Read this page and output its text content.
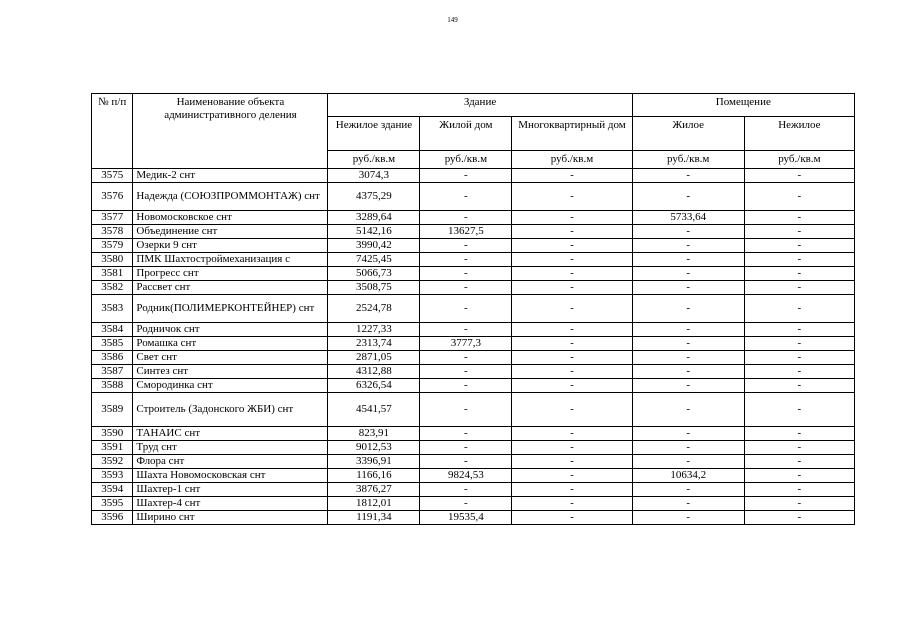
149
№ п/п	Наименование объекта административного деления	Здание			Помещение	
		Нежилое здание	Жилой дом	Многоквартирный дом	Жилое	Нежилое
		руб./кв.м	руб./кв.м	руб./кв.м	руб./кв.м	руб./кв.м
3575	Медик-2 снт	3074,3	-	-	-	-
3576	Надежда (СОЮЗПРОММОНТАЖ) снт	4375,29	-	-	-	-
3577	Новомосковское снт	3289,64	-	-	5733,64	-
3578	Объединение снт	5142,16	13627,5	-	-	-
3579	Озерки 9 снт	3990,42	-	-	-	-
3580	ПМК Шахтостроймеханизация с	7425,45	-	-	-	-
3581	Прогресс снт	5066,73	-	-	-	-
3582	Рассвет снт	3508,75	-	-	-	-
3583	Родник(ПОЛИМЕРКОНТЕЙНЕР) снт	2524,78	-	-	-	-
3584	Родничок снт	1227,33	-	-	-	-
3585	Ромашка снт	2313,74	3777,3	-	-	-
3586	Свет снт	2871,05	-	-	-	-
3587	Синтез снт	4312,88	-	-	-	-
3588	Смородинка снт	6326,54	-	-	-	-
3589	Строитель (Задонского ЖБИ) снт	4541,57	-	-	-	-
3590	ТАНАИС снт	823,91	-	-	-	-
3591	Труд снт	9012,53	-	-	-	-
3592	Флора снт	3396,91	-	-	-	-
3593	Шахта Новомосковская снт	1166,16	9824,53	-	10634,2	-
3594	Шахтер-1 снт	3876,27	-	-	-	-
3595	Шахтер-4 снт	1812,01	-	-	-	-
3596	Ширино снт	1191,34	19535,4	-	-	-
